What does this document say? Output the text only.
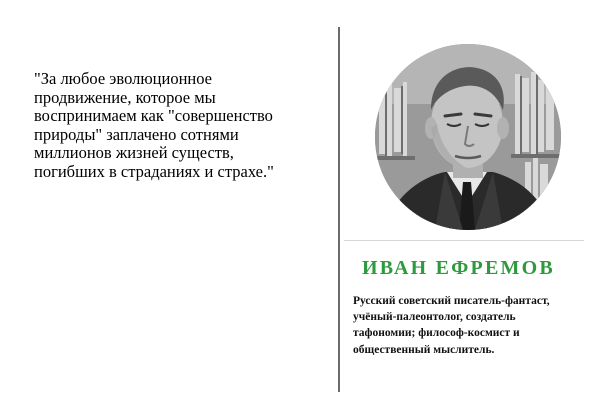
"За любое эволюционное
продвижение, которое мы
воспринимаем как "совершенство
природы" заплачено сотнями
миллионов жизней существ,
погибших в страданиях и страхе."
ИВАН ЕФРЕМОВ
Русский советский писатель-фантаст,
учёный-палеонтолог, создатель
тафономии; философ-космист и
общественный мыслитель.
